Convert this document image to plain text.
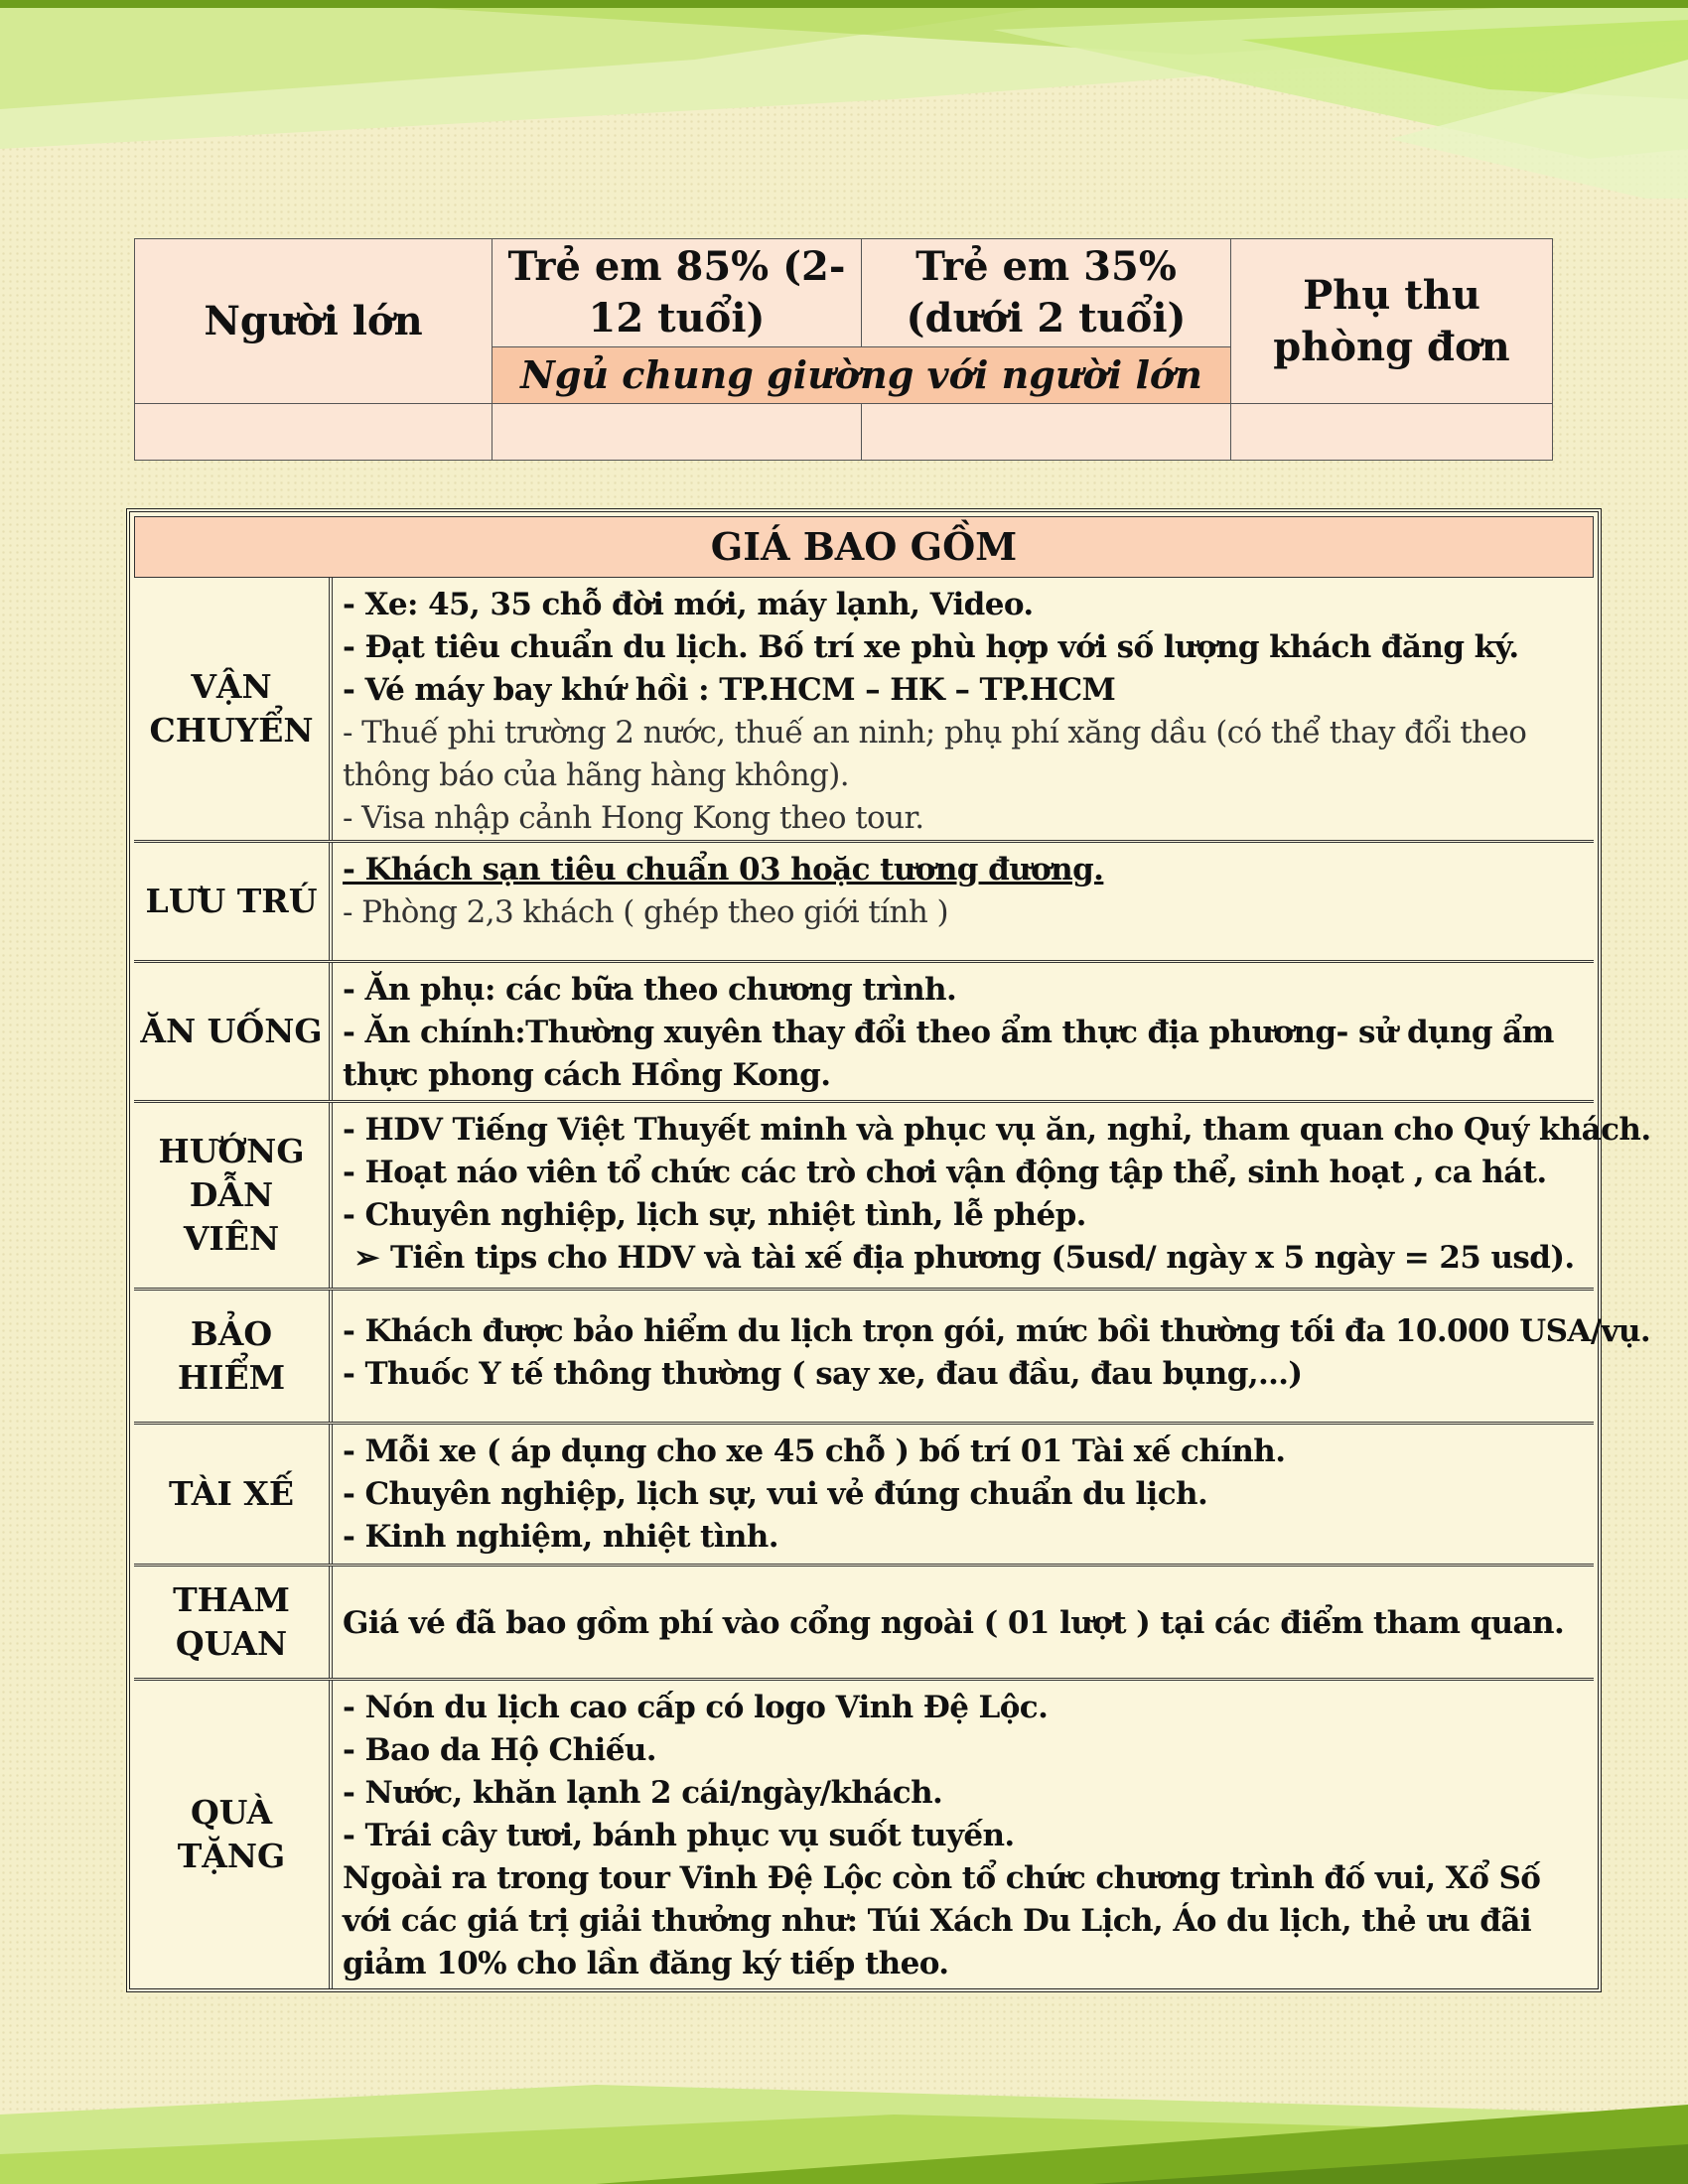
Người lớn	Trẻ em 85% (2-12 tuổi)	Trẻ em 35% (dưới 2 tuổi)	Phụ thu phòng đơn
	Ngủ chung giường với người lớn		

GIÁ BAO GỒM
VẬN CHUYỂN
- Xe: 45, 35 chỗ đời mới, máy lạnh, Video.
- Đạt tiêu chuẩn du lịch. Bố trí xe phù hợp với số lượng khách đăng ký.
- Vé máy bay khứ hồi : TP.HCM – HK – TP.HCM
- Thuế phi trường 2 nước, thuế an ninh; phụ phí xăng dầu (có thể thay đổi theo thông báo của hãng hàng không).
- Visa nhập cảnh Hong Kong theo tour.
LƯU TRÚ
- Khách sạn tiêu chuẩn 03 hoặc tương đương.
- Phòng 2,3 khách ( ghép theo giới tính )
ĂN UỐNG
- Ăn phụ: các bữa theo chương trình.
- Ăn chính:Thường xuyên thay đổi theo ẩm thực địa phương- sử dụng ẩm thực phong cách Hồng Kong.
HƯỚNG DẪN VIÊN
- HDV Tiếng Việt Thuyết minh và phục vụ ăn, nghỉ, tham quan cho Quý khách.
- Hoạt náo viên tổ chức các trò chơi vận động tập thể, sinh hoạt , ca hát.
- Chuyên nghiệp, lịch sự, nhiệt tình, lễ phép.
➢ Tiền tips cho HDV và tài xế địa phương (5usd/ ngày x 5 ngày = 25 usd).
BẢO HIỂM
- Khách được bảo hiểm du lịch trọn gói, mức bồi thường tối đa 10.000 USA/vụ.
- Thuốc Y tế thông thường ( say xe, đau đầu, đau bụng,…)
TÀI XẾ
- Mỗi xe ( áp dụng cho xe 45 chỗ ) bố trí 01 Tài xế chính.
- Chuyên nghiệp, lịch sự, vui vẻ đúng chuẩn du lịch.
- Kinh nghiệm, nhiệt tình.
THAM QUAN
Giá vé đã bao gồm phí vào cổng ngoài ( 01 lượt ) tại các điểm tham quan.
QUÀ TẶNG
- Nón du lịch cao cấp có logo Vinh Đệ Lộc.
- Bao da Hộ Chiếu.
- Nước, khăn lạnh 2 cái/ngày/khách.
- Trái cây tươi, bánh phục vụ suốt tuyến.
Ngoài ra trong tour Vinh Đệ Lộc còn tổ chức chương trình đố vui, Xổ Số với các giá trị giải thưởng như: Túi Xách Du Lịch, Áo du lịch, thẻ ưu đãi giảm 10% cho lần đăng ký tiếp theo.
